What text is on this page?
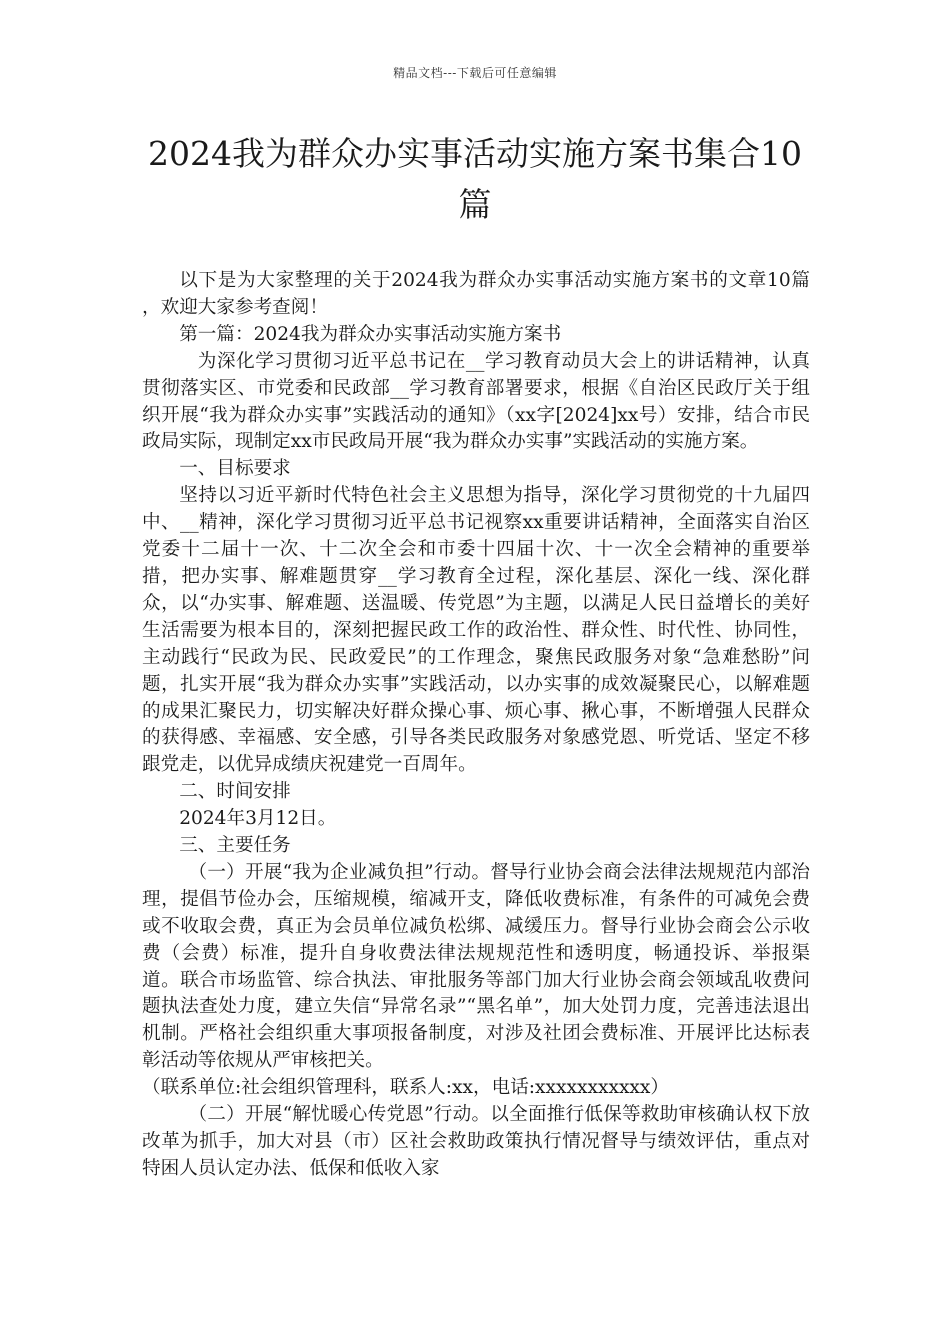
精品文档---下载后可任意编辑
2024我为群众办实事活动实施方案书集合10篇

以下是为大家整理的关于2024我为群众办实事活动实施方案书的文章10篇 ，欢迎大家参考查阅！

第一篇：2024我为群众办实事活动实施方案书

为深化学习贯彻习近平总书记在__学习教育动员大会上的讲话精神，认真贯彻落实区、市党委和民政部__学习教育部署要求，根据《自治区民政厅关于组织开展“我为群众办实事”实践活动的通知》（xx字[2024]xx号）安排，结合市民政局实际，现制定xx市民政局开展“我为群众办实事”实践活动的实施方案。

一、目标要求

坚持以习近平新时代特色社会主义思想为指导，深化学习贯彻党的十九届四中、__精神，深化学习贯彻习近平总书记视察xx重要讲话精神，全面落实自治区党委十二届十一次、十二次全会和市委十四届十次、十一次全会精神的重要举措，把办实事、解难题贯穿__学习教育全过程，深化基层、深化一线、深化群众，以“办实事、解难题、送温暖、传党恩”为主题，以满足人民日益增长的美好生活需要为根本目的，深刻把握民政工作的政治性、群众性、时代性、协同性，主动践行“民政为民、民政爱民”的工作理念，聚焦民政服务对象“急难愁盼”问题，扎实开展“我为群众办实事”实践活动，以办实事的成效凝聚民心，以解难题的成果汇聚民力，切实解决好群众操心事、烦心事、揪心事，不断增强人民群众的获得感、幸福感、安全感，引导各类民政服务对象感党恩、听党话、坚定不移跟党走，以优异成绩庆祝建党一百周年。

二、时间安排

2024年3月12日。

三、主要任务

（一）开展“我为企业减负担”行动。督导行业协会商会法律法规规范内部治理，提倡节俭办会，压缩规模，缩减开支，降低收费标准，有条件的可减免会费或不收取会费，真正为会员单位减负松绑、减缓压力。督导行业协会商会公示收费（会费）标准，提升自身收费法律法规规范性和透明度，畅通投诉、举报渠道。联合市场监管、综合执法、审批服务等部门加大行业协会商会领域乱收费问题执法查处力度，建立失信“异常名录”“黑名单”，加大处罚力度，完善违法退出机制。严格社会组织重大事项报备制度，对涉及社团会费标准、开展评比达标表彰活动等依规从严审核把关。

（联系单位:社会组织管理科，联系人:xx，电话:xxxxxxxxxxx）

（二）开展“解忧暖心传党恩”行动。以全面推行低保等救助审核确认权下放改革为抓手，加大对县（市）区社会救助政策执行情况督导与绩效评估，重点对特困人员认定办法、低保和低收入家
